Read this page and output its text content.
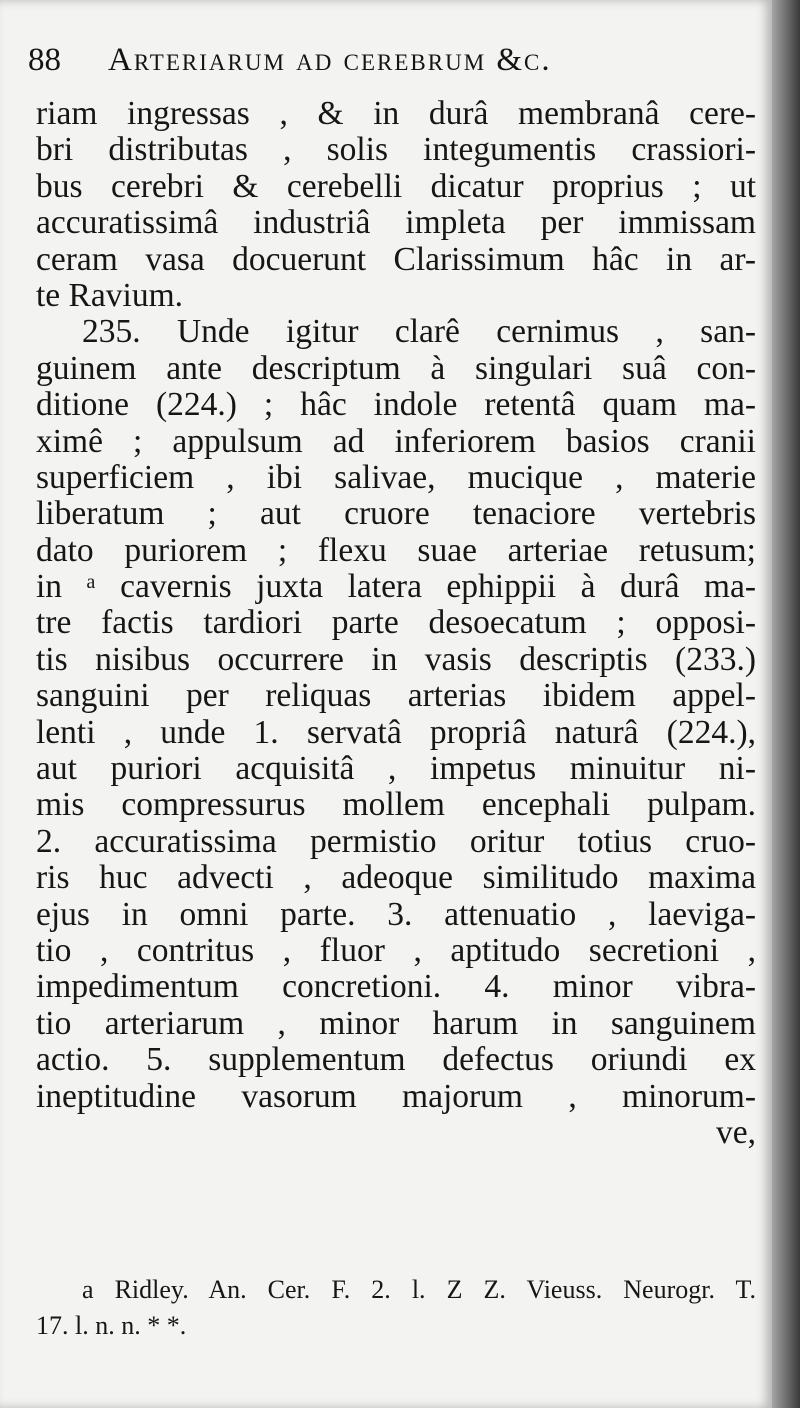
88 Arteriarum ad cerebrum &c.
riam ingressas , & in durâ membranâ cere-
bri distributas , solis integumentis crassiori-
bus cerebri & cerebelli dicatur proprius ; ut
accuratissimâ industriâ impleta per immissam
ceram vasa docuerunt Clarissimum hâc in ar-
te Ravium.
235. Unde igitur clarê cernimus , san-
guinem ante descriptum à singulari suâ con-
ditione (224.) ; hâc indole retentâ quam ma-
ximê ; appulsum ad inferiorem basios cranii
superficiem , ibi salivae, mucique , materie
liberatum ; aut cruore tenaciore vertebris
dato puriorem ; flexu suae arteriae retusum;
in ᵃ cavernis juxta latera ephippii à durâ ma-
tre factis tardiori parte desoecatum ; opposi-
tis nisibus occurrere in vasis descriptis (233.)
sanguini per reliquas arterias ibidem appel-
lenti , unde 1. servatâ propriâ naturâ (224.),
aut puriori acquisitâ , impetus minuitur ni-
mis compressurus mollem encephali pulpam.
2. accuratissima permistio oritur totius cruo-
ris huc advecti , adeoque similitudo maxima
ejus in omni parte. 3. attenuatio , laeviga-
tio , contritus , fluor , aptitudo secretioni ,
impedimentum concretioni. 4. minor vibra-
tio arteriarum , minor harum in sanguinem
actio. 5. supplementum defectus oriundi ex
ineptitudine vasorum majorum , minorum-
ve,
a Ridley. An. Cer. F. 2. l. Z Z. Vieuss. Neurogr. T.
17. l. n. n. * *.
